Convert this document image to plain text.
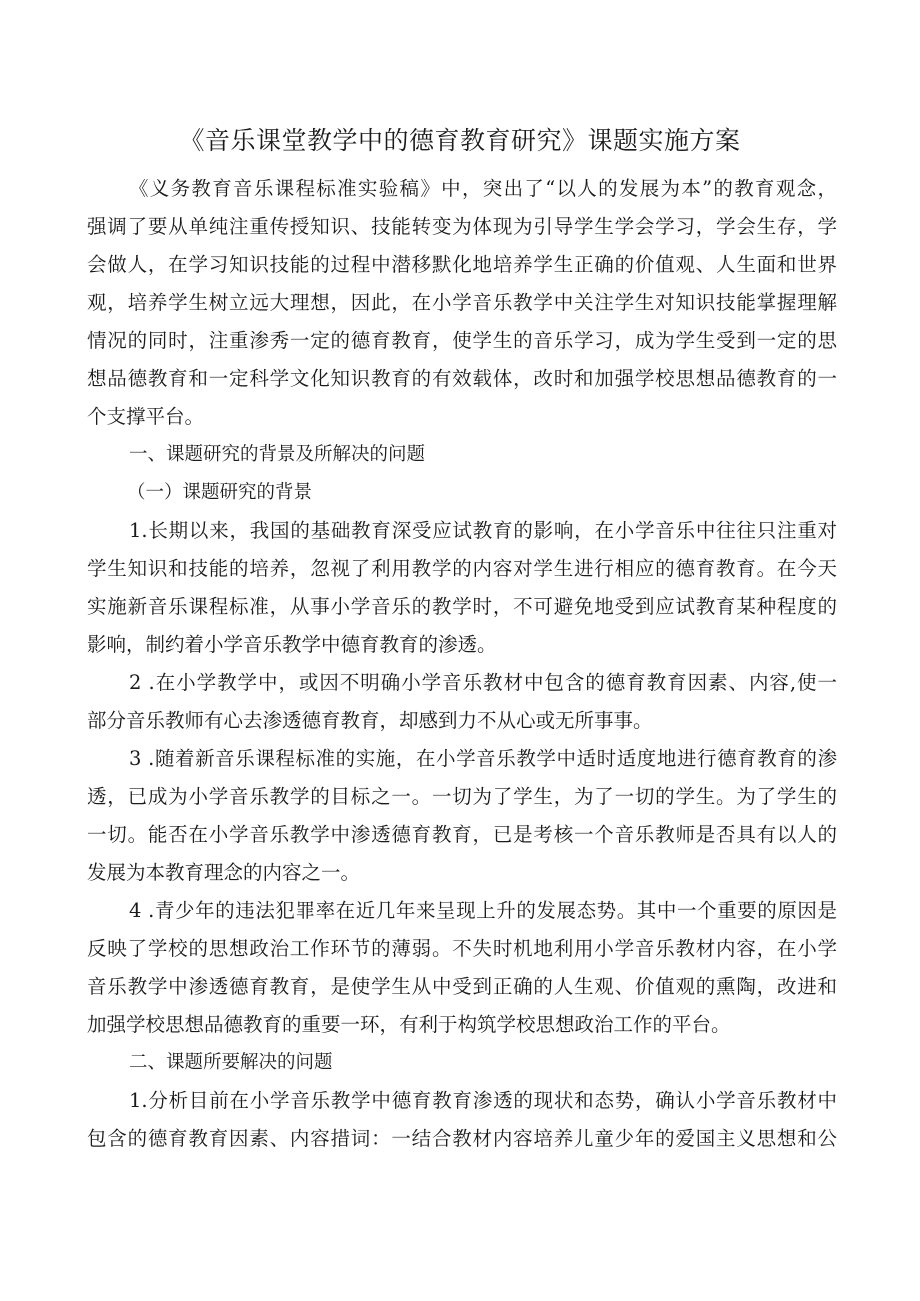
《音乐课堂教学中的德育教育研究》课题实施方案
《义务教育音乐课程标准实验稿》中，突出了“以人的发展为本”的教育观念，
强调了要从单纯注重传授知识、技能转变为体现为引导学生学会学习，学会生存，学
会做人，在学习知识技能的过程中潜移默化地培养学生正确的价值观、人生面和世界
观，培养学生树立远大理想，因此，在小学音乐教学中关注学生对知识技能掌握理解
情况的同时，注重渗秀一定的德育教育，使学生的音乐学习，成为学生受到一定的思
想品德教育和一定科学文化知识教育的有效载体，改时和加强学校思想品德教育的一
个支撑平台。
一、课题研究的背景及所解决的问题
（一）课题研究的背景
1.长期以来，我国的基础教育深受应试教育的影响，在小学音乐中往往只注重对
学生知识和技能的培养，忽视了利用教学的内容对学生进行相应的德育教育。在今天
实施新音乐课程标准，从事小学音乐的教学时，不可避免地受到应试教育某种程度的
影响，制约着小学音乐教学中德育教育的渗透。
2 .在小学教学中，或因不明确小学音乐教材中包含的德育教育因素、内容,使一
部分音乐教师有心去渗透德育教育，却感到力不从心或无所事事。
3 .随着新音乐课程标准的实施，在小学音乐教学中适时适度地进行德育教育的渗
透，已成为小学音乐教学的目标之一。一切为了学生，为了一切的学生。为了学生的
一切。能否在小学音乐教学中渗透德育教育，已是考核一个音乐教师是否具有以人的
发展为本教育理念的内容之一。
4 .青少年的违法犯罪率在近几年来呈现上升的发展态势。其中一个重要的原因是
反映了学校的思想政治工作环节的薄弱。不失时机地利用小学音乐教材内容，在小学
音乐教学中渗透德育教育，是使学生从中受到正确的人生观、价值观的熏陶，改进和
加强学校思想品德教育的重要一环，有利于构筑学校思想政治工作的平台。
二、课题所要解决的问题
1.分析目前在小学音乐教学中德育教育渗透的现状和态势，确认小学音乐教材中
包含的德育教育因素、内容措词：一结合教材内容培养儿童少年的爱国主义思想和公
